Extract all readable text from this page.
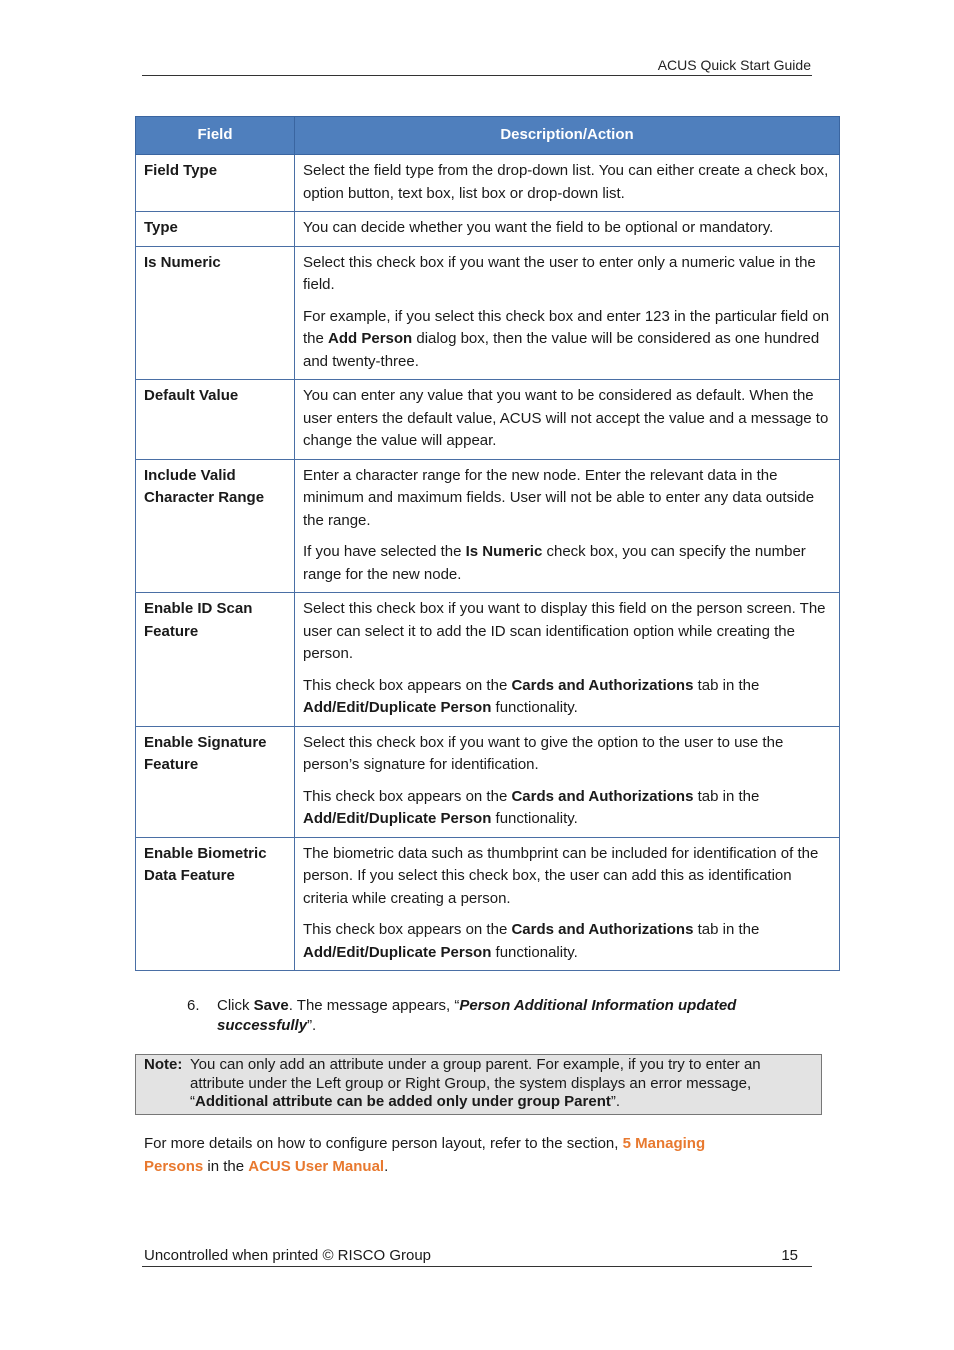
ACUS Quick Start Guide
Field	Description/Action
Field Type	Select the field type from the drop-down list. You can either create a check box, option button, text box, list box or drop-down list.

Type	You can decide whether you want the field to be optional or mandatory.

Is Numeric	Select this check box if you want the user to enter only a numeric value in the field.

For example, if you select this check box and enter 123 in the particular field on the Add Person dialog box, then the value will be considered as one hundred and twenty-three.

Default Value	You can enter any value that you want to be considered as default. When the user enters the default value, ACUS will not accept the value and a message to change the value will appear.

Include Valid Character Range	Enter a character range for the new node. Enter the relevant data in the minimum and maximum fields. User will not be able to enter any data outside the range.

If you have selected the Is Numeric check box, you can specify the number range for the new node.

Enable ID Scan Feature	Select this check box if you want to display this field on the person screen. The user can select it to add the ID scan identification option while creating the person.

This check box appears on the Cards and Authorizations tab in the Add/Edit/Duplicate Person functionality.

Enable Signature Feature	Select this check box if you want to give the option to the user to use the person’s signature for identification.

This check box appears on the Cards and Authorizations tab in the Add/Edit/Duplicate Person functionality.

Enable Biometric Data Feature	The biometric data such as thumbprint can be included for identification of the person. If you select this check box, the user can add this as identification criteria while creating a person.

This check box appears on the Cards and Authorizations tab in the Add/Edit/Duplicate Person functionality.

6. Click Save. The message appears, “Person Additional Information updated successfully”.
Note: You can only add an attribute under a group parent. For example, if you try to enter an attribute under the Left group or Right Group, the system displays an error message, “Additional attribute can be added only under group Parent”.
For more details on how to configure person layout, refer to the section, 5 Managing Persons in the ACUS User Manual.
Uncontrolled when printed © RISCO Group	15
